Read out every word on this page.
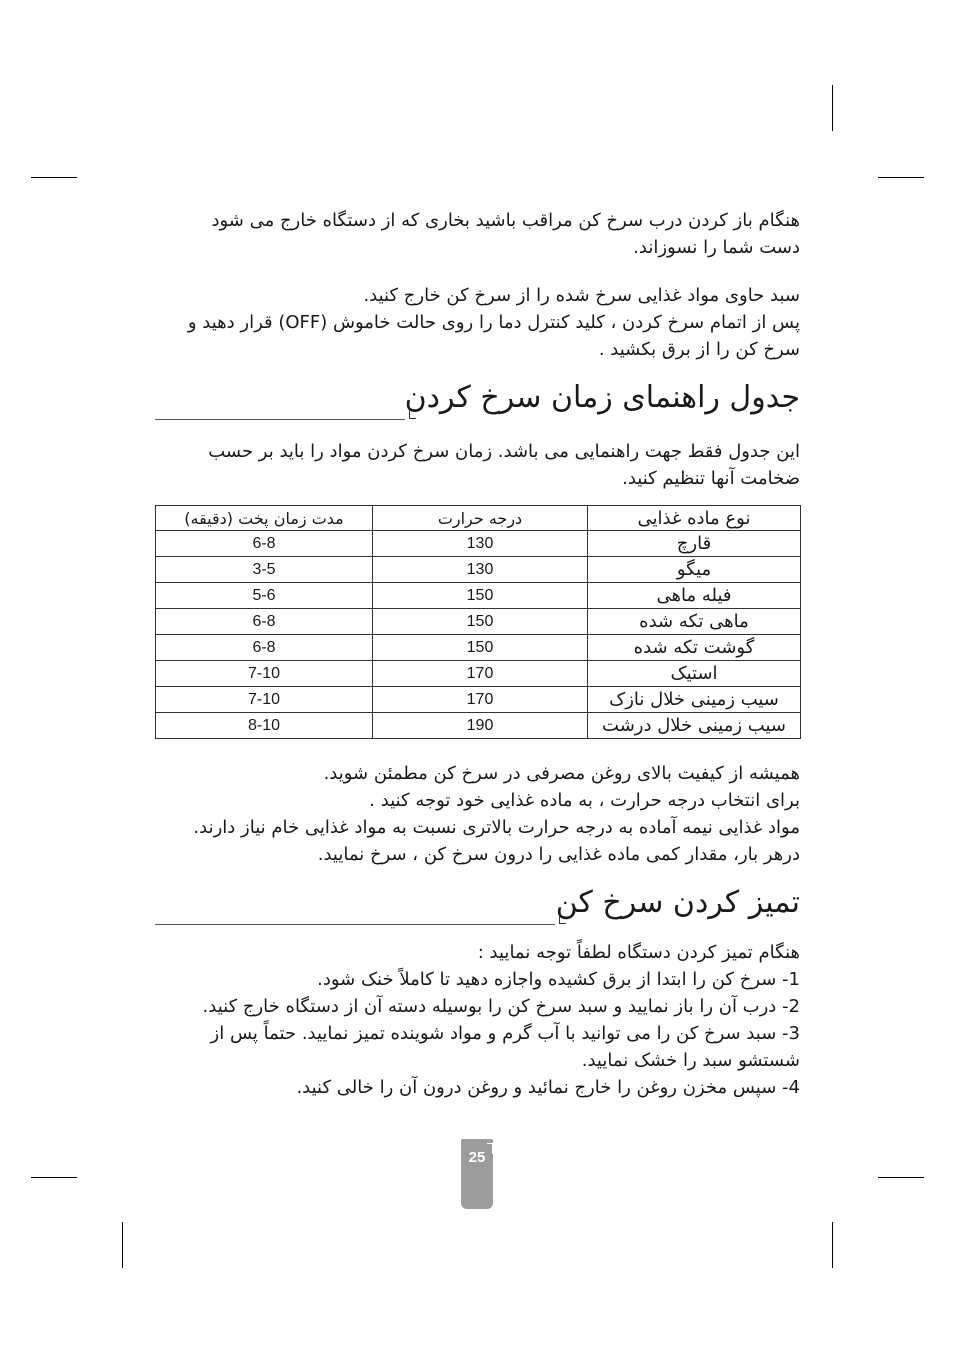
هنگام باز کردن درب سرخ کن مراقب باشید بخاری که از دستگاه خارج می شود
دست شما را نسوزاند.
سبد حاوی مواد غذایی سرخ شده را از سرخ کن خارج کنید.
پس از اتمام سرخ کردن ، کلید کنترل دما را روی حالت خاموش (OFF) قرار دهید و
سرخ کن را از برق بکشید .
جدول راهنمای زمان سرخ کردن
این جدول فقط جهت راهنمایی می باشد. زمان سرخ کردن مواد را باید بر حسب
ضخامت آنها تنظیم کنید.
نوع ماده غذایی	درجه حرارت	مدت زمان پخت (دقیقه)
قارچ	130	6-8
میگو	130	3-5
فیله ماهی	150	5-6
ماهی تکه شده	150	6-8
گوشت تکه شده	150	6-8
استیک	170	7-10
سیب زمینی خلال نازک	170	7-10
سیب زمینی خلال درشت	190	8-10
همیشه از کیفیت بالای روغن مصرفی در سرخ کن مطمئن شوید.
برای انتخاب درجه حرارت ، به ماده غذایی خود توجه کنید .
مواد غذایی نیمه آماده به درجه حرارت بالاتری نسبت به مواد غذایی خام نیاز دارند.
درهر بار، مقدار کمی ماده غذایی را درون سرخ کن ، سرخ نمایید.
تمیز کردن سرخ کن
هنگام تمیز کردن دستگاه لطفاً توجه نمایید :
1- سرخ کن را ابتدا از برق کشیده واجازه دهید تا کاملاً خنک شود.
2- درب آن را باز نمایید و سبد سرخ کن را بوسیله دسته آن از دستگاه خارج کنید.
3- سبد سرخ کن را می توانید با آب گرم و مواد شوینده تمیز نمایید. حتماً پس از
شستشو سبد را خشک نمایید.
4- سپس مخزن روغن را خارج نمائید و روغن درون آن را خالی کنید.
25
